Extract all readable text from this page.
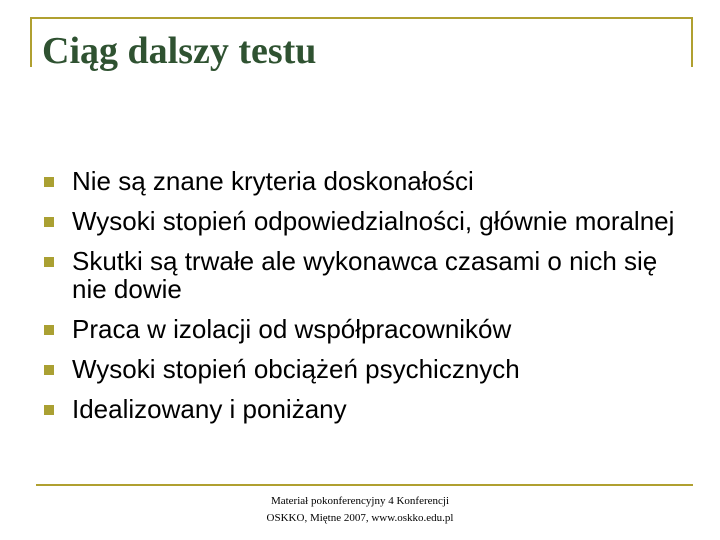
Ciąg dalszy testu
Nie są znane kryteria doskonałości
Wysoki stopień odpowiedzialności, głównie moralnej
Skutki są trwałe ale wykonawca czasami o nich się nie dowie
Praca w izolacji od współpracowników
Wysoki stopień obciążeń psychicznych
Idealizowany i poniżany
Materiał pokonferencyjny 4 Konferencji
OSKKO, Miętne 2007, www.oskko.edu.pl
